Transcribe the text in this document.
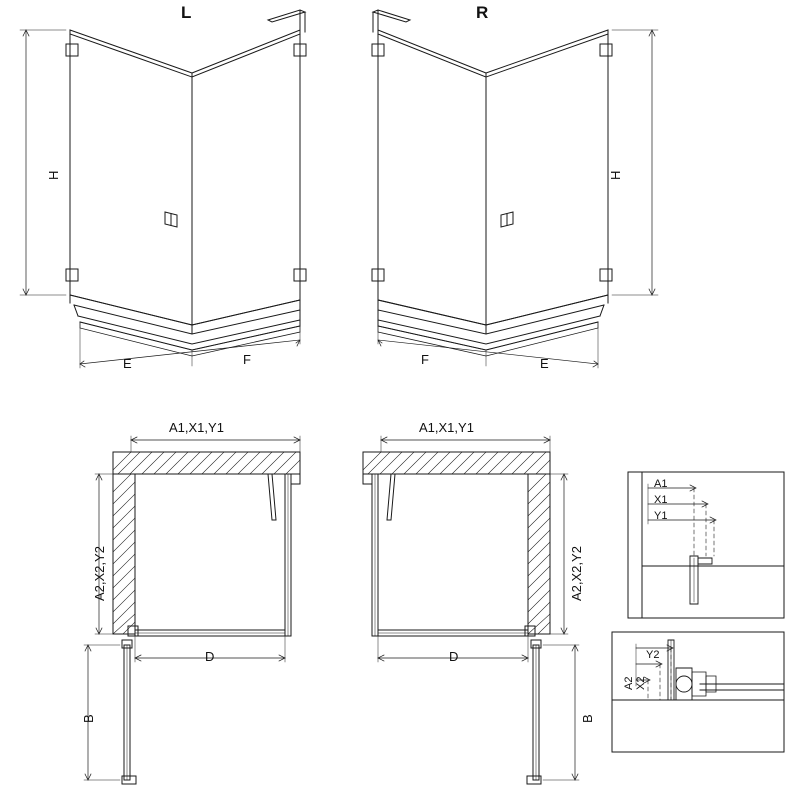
L	R
H	H
E	F	F	E
A1,X1,Y1	A1,X1,Y1
A2,X2,Y2	A2,X2,Y2
D	D
B	B
A1
X1
Y1
A2 X2
Y2
